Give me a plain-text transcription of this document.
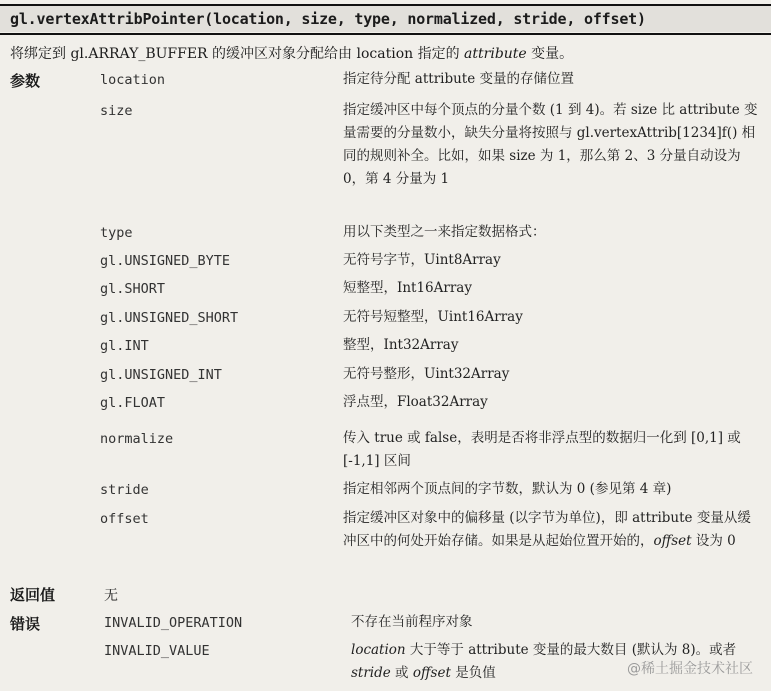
gl.vertexAttribPointer(location, size, type, normalized, stride, offset)
将绑定到 gl.ARRAY_BUFFER 的缓冲区对象分配给由 location 指定的 attribute 变量。
参数	location	指定待分配 attribute 变量的存储位置
size	指定缓冲区中每个顶点的分量个数 (1 到 4)。若 size 比 attribute 变量需要的分量数小，缺失分量将按照与 gl.vertexAttrib[1234]f() 相同的规则补全。比如，如果 size 为 1，那么第 2、3 分量自动设为 0，第 4 分量为 1
type	用以下类型之一来指定数据格式：
gl.UNSIGNED_BYTE	无符号字节，Uint8Array
gl.SHORT	短整型，Int16Array
gl.UNSIGNED_SHORT	无符号短整型，Uint16Array
gl.INT	整型，Int32Array
gl.UNSIGNED_INT	无符号整形，Uint32Array
gl.FLOAT	浮点型，Float32Array
normalize	传入 true 或 false，表明是否将非浮点型的数据归一化到 [0,1] 或 [-1,1] 区间
stride	指定相邻两个顶点间的字节数，默认为 0 (参见第 4 章)
offset	指定缓冲区对象中的偏移量 (以字节为单位)，即 attribute 变量从缓冲区中的何处开始存储。如果是从起始位置开始的，offset 设为 0
返回值	无
错误	INVALID_OPERATION	不存在当前程序对象
INVALID_VALUE	location 大于等于 attribute 变量的最大数目 (默认为 8)。或者 stride 或 offset 是负值	@稀土掘金技术社区
